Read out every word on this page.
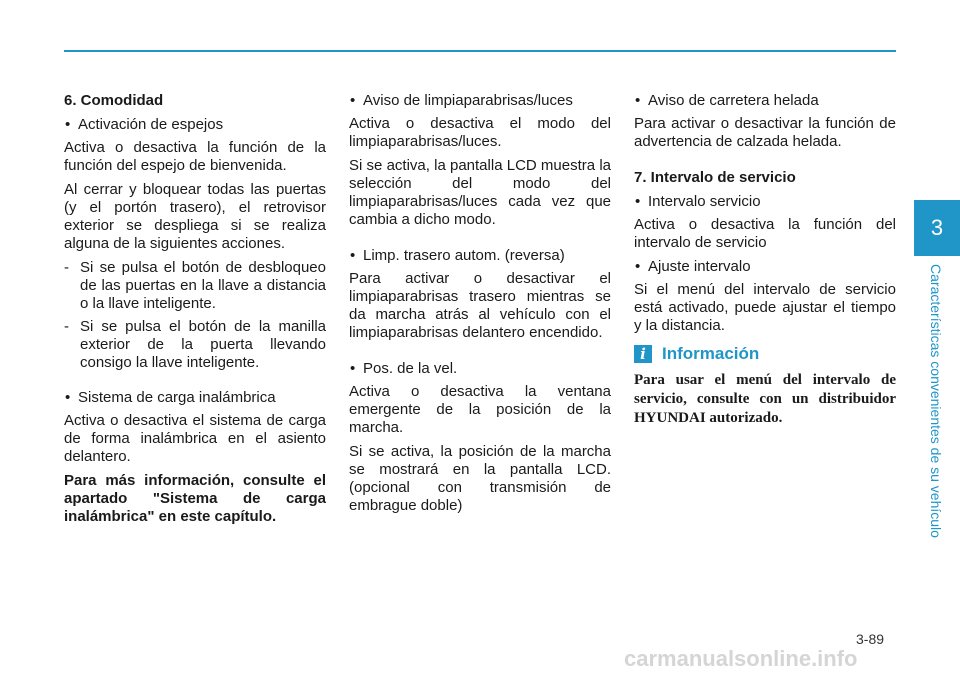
6. Comodidad

• Activación de espejos

Activa o desactiva la función de la función del espejo de bienvenida.

Al cerrar y bloquear todas las puertas (y el portón trasero), el retrovisor exterior se despliega si se realiza alguna de la siguientes acciones.

- Si se pulsa el botón de desbloqueo de las puertas en la llave a distancia o la llave inteligente.

- Si se pulsa el botón de la manilla exterior de la puerta llevando consigo la llave inteligente.

• Sistema de carga inalámbrica

Activa o desactiva el sistema de carga de forma inalámbrica en el asiento delantero.

Para más información, consulte el apartado "Sistema de carga inalámbrica" en este capítulo.

• Aviso de limpiaparabrisas/luces

Activa o desactiva el modo del limpiaparabrisas/luces.

Si se activa, la pantalla LCD muestra la selección del modo del limpiaparabrisas/luces cada vez que cambia a dicho modo.

• Limp. trasero autom. (reversa)

Para activar o desactivar el limpiaparabrisas trasero mientras se da marcha atrás al vehículo con el limpiaparabrisas delantero encendido.

• Pos. de la vel.

Activa o desactiva la ventana emergente de la posición de la marcha.

Si se activa, la posición de la marcha se mostrará en la pantalla LCD. (opcional con transmisión de embrague doble)

• Aviso de carretera helada

Para activar o desactivar la función de advertencia de calzada helada.

7. Intervalo de servicio

• Intervalo servicio

Activa o desactiva la función del intervalo de servicio

• Ajuste intervalo

Si el menú del intervalo de servicio está activado, puede ajustar el tiempo y la distancia.

i Información

Para usar el menú del intervalo de servicio, consulte con un distribuidor HYUNDAI autorizado.

3
Características convenientes de su vehículo
3-89
carmanualsonline.info
